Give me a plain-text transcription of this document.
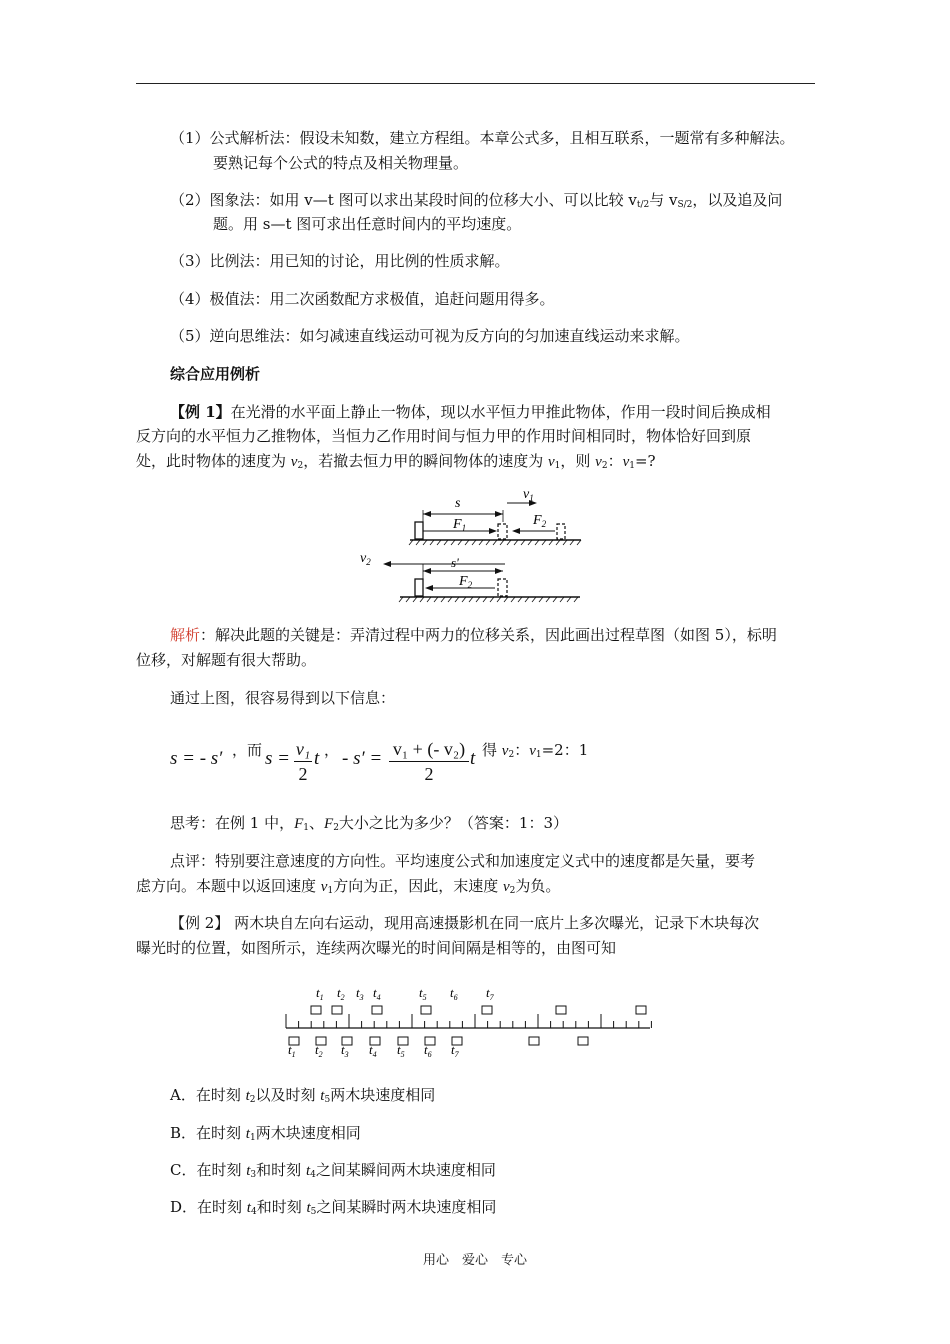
（1）公式解析法：假设未知数，建立方程组。本章公式多，且相互联系，一题常有多种解法。
要熟记每个公式的特点及相关物理量。
（2）图象法：如用 v—t 图可以求出某段时间的位移大小、可以比较 $v_{t/2}$与 $v_{S/2}$，以及追及问
题。用 s—t 图可求出任意时间内的平均速度。
（3）比例法：用已知的讨论，用比例的性质求解。
（4）极值法：用二次函数配方求极值，追赶问题用得多。
（5）逆向思维法：如匀减速直线运动可视为反方向的匀加速直线运动来求解。
综合应用例析
【例 1】在光滑的水平面上静止一物体，现以水平恒力甲推此物体，作用一段时间后换成相
反方向的水平恒力乙推物体，当恒力乙作用时间与恒力甲的作用时间相同时，物体恰好回到原
处，此时物体的速度为 $v_2$，若撤去恒力甲的瞬间物体的速度为 $v_1$，则 $v_2$：$v_1=$?
s
$v_1$
$F_1$	$F_2$
$v_2$	s'
$F_2$
解析：解决此题的关键是：弄清过程中两力的位移关系，因此画出过程草图（如图 5），标明
位移，对解题有很大帮助。
通过上图，很容易得到以下信息：
s = - s′ ，而 s = v₁
2
t ， - s′ = v₁ + (- v₂)
2
t 得 $v_2$：$v_1=2$：1
思考：在例 1 中，$F_1$、$F_2$大小之比为多少？（答案：1：3）
点评：特别要注意速度的方向性。平均速度公式和加速度定义式中的速度都是矢量，要考
虑方向。本题中以返回速度 $v_1$方向为正，因此，末速度 $v_2$为负。
【例 2】 两木块自左向右运动，现用高速摄影机在同一底片上多次曝光，记录下木块每次
曝光时的位置，如图所示，连续两次曝光的时间间隔是相等的，由图可知
$t_1$ $t_2$ $t_3$ $t_4$	$t_5$ $t_6$ $t_7$
$t_1$ $t_2$ $t_3$ $t_4$ $t_5$ $t_6$ $t_7$
A．在时刻 $t_2$以及时刻 $t_5$两木块速度相同
B．在时刻 $t_1$两木块速度相同
C．在时刻 $t_3$和时刻 $t_4$之间某瞬间两木块速度相同
D．在时刻 $t_4$和时刻 $t_5$之间某瞬时两木块速度相同
用心　爱心　专心
